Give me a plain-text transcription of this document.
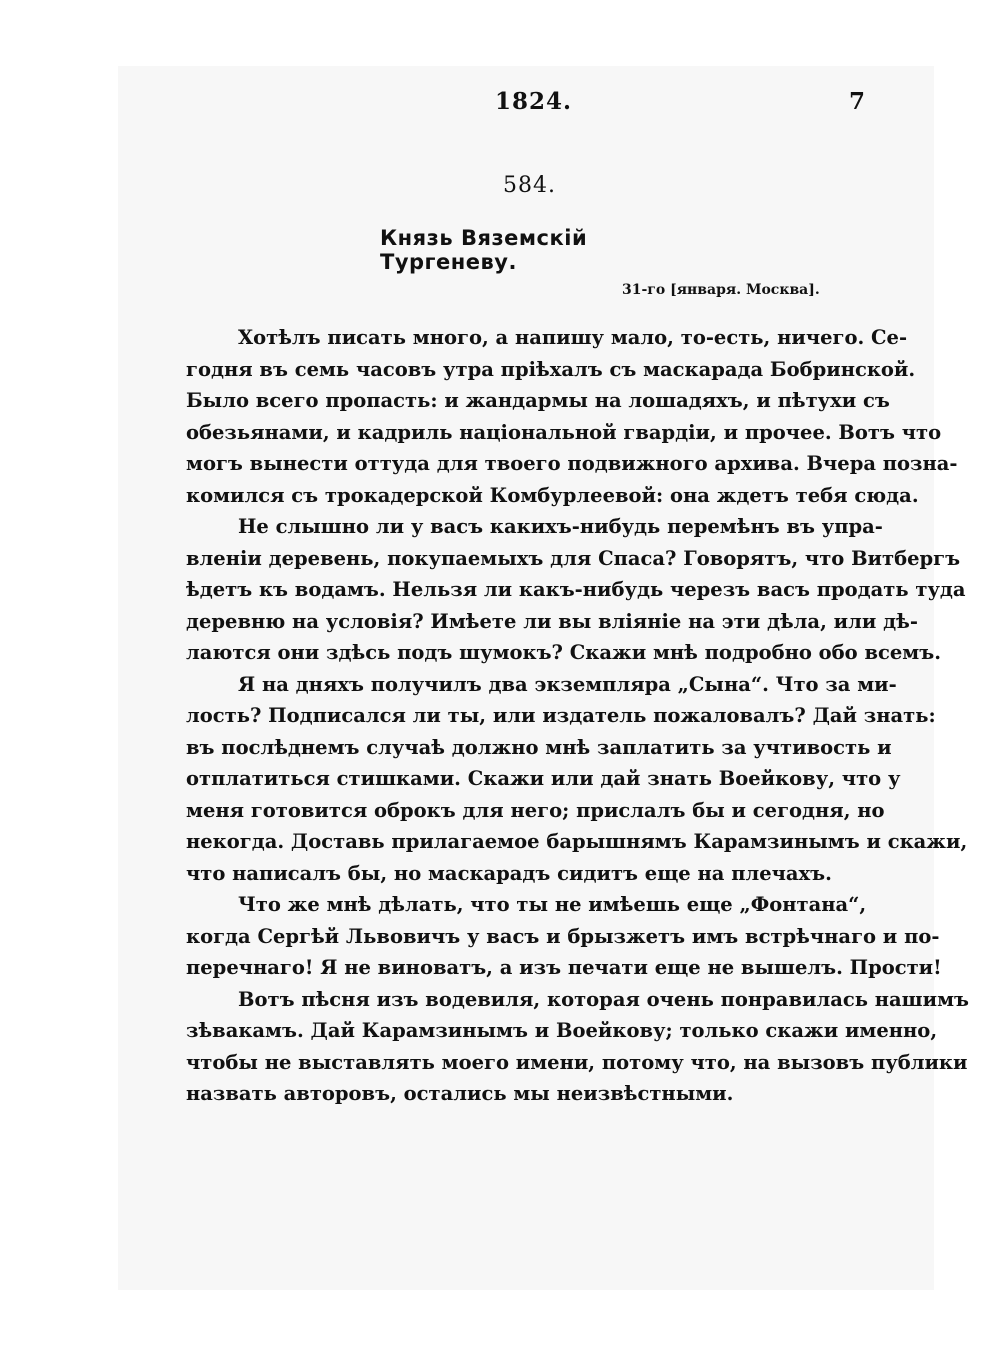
1824.	7
584.
Князь Вяземскій Тургеневу.
31-го [января. Москва].
Хотѣлъ писать много, а напишу мало, то-есть, ничего. Се-
годня въ семь часовъ утра пріѣхалъ съ маскарада Бобринской.
Было всего пропасть: и жандармы на лошадяхъ, и пѣтухи съ
обезьянами, и кадриль національной гвардіи, и прочее. Вотъ что
могъ вынести оттуда для твоего подвижного архива. Вчера позна-
комился съ трокадерской Комбурлеевой: она ждетъ тебя сюда.
Не слышно ли у васъ какихъ-нибудь перемѣнъ въ упра-
вленіи деревень, покупаемыхъ для Спаса? Говорятъ, что Витбергъ
ѣдетъ къ водамъ. Нельзя ли какъ-нибудь черезъ васъ продать туда
деревню на условія? Имѣете ли вы вліяніе на эти дѣла, или дѣ-
лаются они здѣсь подъ шумокъ? Скажи мнѣ подробно обо всемъ.
Я на дняхъ получилъ два экземпляра „Сына“. Что за ми-
лость? Подписался ли ты, или издатель пожаловалъ? Дай знать:
въ послѣднемъ случаѣ должно мнѣ заплатить за учтивость и
отплатиться стишками. Скажи или дай знать Воейкову, что у
меня готовится оброкъ для него; прислалъ бы и сегодня, но
некогда. Доставь прилагаемое барышнямъ Карамзинымъ и скажи,
что написалъ бы, но маскарадъ сидитъ еще на плечахъ.
Что же мнѣ дѣлать, что ты не имѣешь еще „Фонтана“,
когда Сергѣй Львовичъ у васъ и брызжетъ имъ встрѣчнаго и по-
перечнаго! Я не виноватъ, а изъ печати еще не вышелъ. Прости!
Вотъ пѣсня изъ водевиля, которая очень понравилась нашимъ
зѣвакамъ. Дай Карамзинымъ и Воейкову; только скажи именно,
чтобы не выставлять моего имени, потому что, на вызовъ публики
назвать авторовъ, остались мы неизвѣстными.
